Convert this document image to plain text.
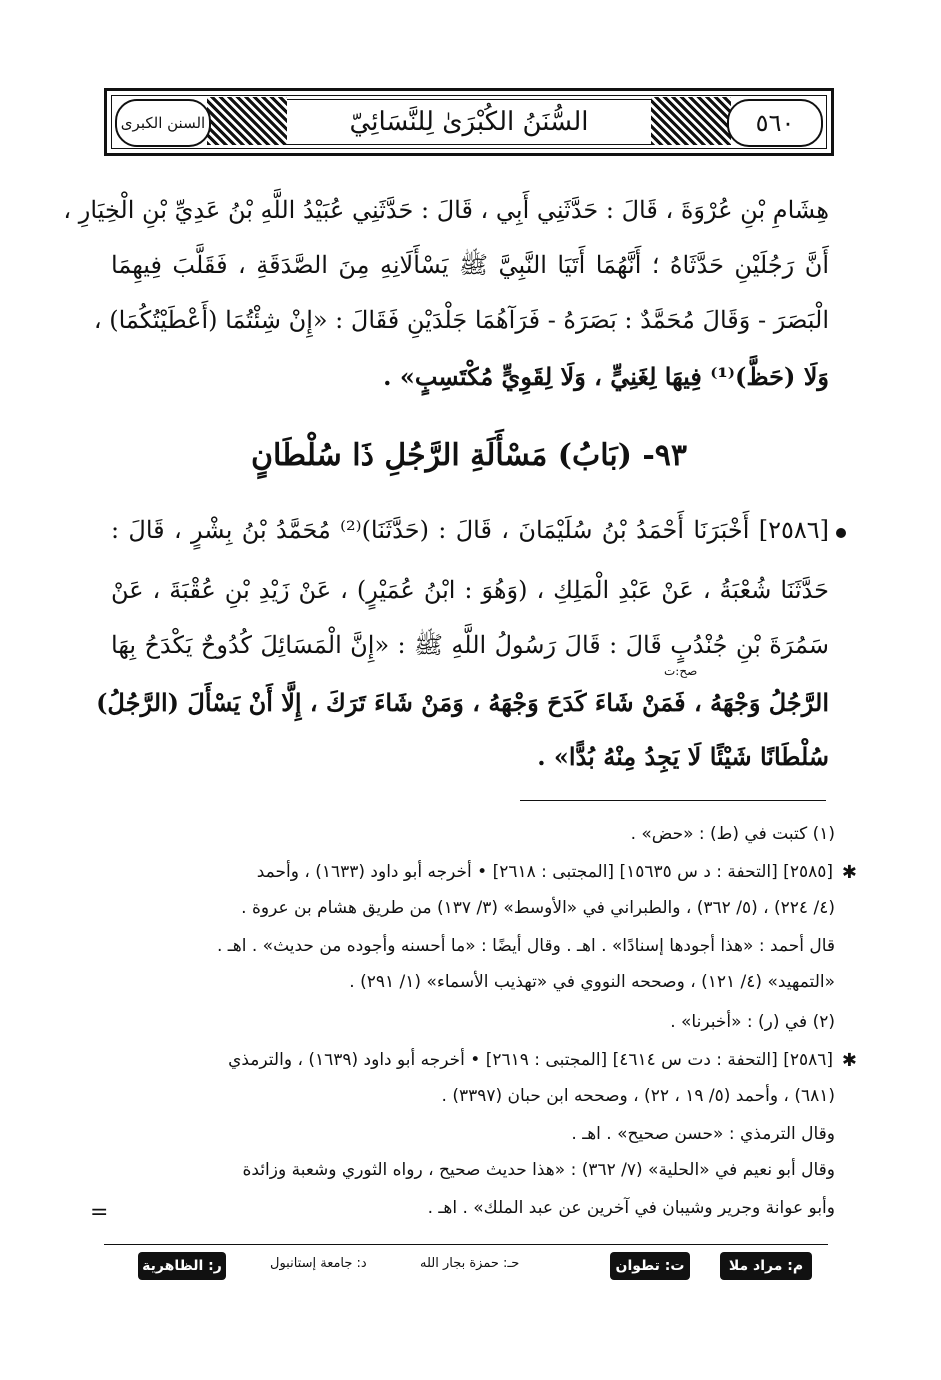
السنن الكبرى	السُّنَنُ الكُبْرَىٰ لِلنَّسَائِيّ	٥٦٠
هِشَامِ بْنِ عُرْوَةَ ، قَالَ : حَدَّثَنِي أَبِي ، قَالَ : حَدَّثَنِي عُبَيْدُ اللَّهِ بْنُ عَدِيِّ بْنِ الْخِيَارِ ،
أَنَّ رَجُلَيْنِ حَدَّثَاهُ ؛ أَنَّهُمَا أَتَيَا النَّبِيَّ ﷺ يَسْأَلَانِهِ مِنَ الصَّدَقَةِ ، فَقَلَّبَ فِيهِمَا
الْبَصَرَ - وَقَالَ مُحَمَّدٌ : بَصَرَهُ - فَرَآهُمَا جَلْدَيْنِ فَقَالَ : «إِنْ شِئْتُمَا (أَعْطَيْتُكُمَا) ،
وَلَا (حَظَّ)⁽¹⁾ فِيهَا لِغَنِيٍّ ، وَلَا لِقَوِيٍّ مُكْتَسِبٍ» .
٩٣- (بَابُ) مَسْأَلَةِ الرَّجُلِ ذَا سُلْطَانٍ
[٢٥٨٦] أَخْبَرَنَا أَحْمَدُ بْنُ سُلَيْمَانَ ، قَالَ : (حَدَّثَنَا)⁽²⁾ مُحَمَّدُ بْنُ بِشْرٍ ، قَالَ :
حَدَّثَنَا شُعْبَةُ ، عَنْ عَبْدِ الْمَلِكِ ، (وَهُوَ : ابْنُ عُمَيْرٍ) ، عَنْ زَيْدِ بْنِ عُقْبَةَ ، عَنْ
سَمُرَةَ بْنِ جُنْدُبٍ قَالَ : قَالَ رَسُولُ اللَّهِ ﷺ : «إِنَّ الْمَسَائِلَ كُدُوحٌ يَكْدَحُ بِهَا
صح:ت
الرَّجُلُ وَجْهَهُ ، فَمَنْ شَاءَ كَدَحَ وَجْهَهُ ، وَمَنْ شَاءَ تَرَكَ ، إِلَّا أَنْ يَسْأَلَ (الرَّجُلُ)
سُلْطَانًا شَيْئًا لَا يَجِدُ مِنْهُ بُدًّا» .
(١) كتبت في (ط) : «حض» .
✱
[٢٥٨٥] [التحفة : د س ١٥٦٣٥] [المجتبى : ٢٦١٨] • أخرجه أبو داود (١٦٣٣) ، وأحمد
(٤/ ٢٢٤) ، (٥/ ٣٦٢) ، والطبراني في «الأوسط» (٣/ ١٣٧) من طريق هشام بن عروة .
قال أحمد : «هذا أجودها إسنادًا» . اهـ . وقال أيضًا : «ما أحسنه وأجوده من حديث» . اهـ .
«التمهيد» (٤/ ١٢١) ، وصححه النووي في «تهذيب الأسماء» (١/ ٢٩١) .
(٢) في (ر) : «أخبرنا» .
✱
[٢٥٨٦] [التحفة : دت س ٤٦١٤] [المجتبى : ٢٦١٩] • أخرجه أبو داود (١٦٣٩) ، والترمذي
(٦٨١) ، وأحمد (٥/ ١٩ ، ٢٢) ، وصححه ابن حبان (٣٣٩٧) .
وقال الترمذي : «حسن صحيح» . اهـ .
وقال أبو نعيم في «الحلية» (٧/ ٣٦٢) : «هذا حديث صحيح ، رواه الثوري وشعبة وزائدة
وأبو عوانة وجرير وشيبان في آخرين عن عبد الملك» . اهـ .
=
م: مراد ملا
ت: تطوان
حـ: حمزة بجار الله
د: جامعة إستانبول
ر: الظاهرية
